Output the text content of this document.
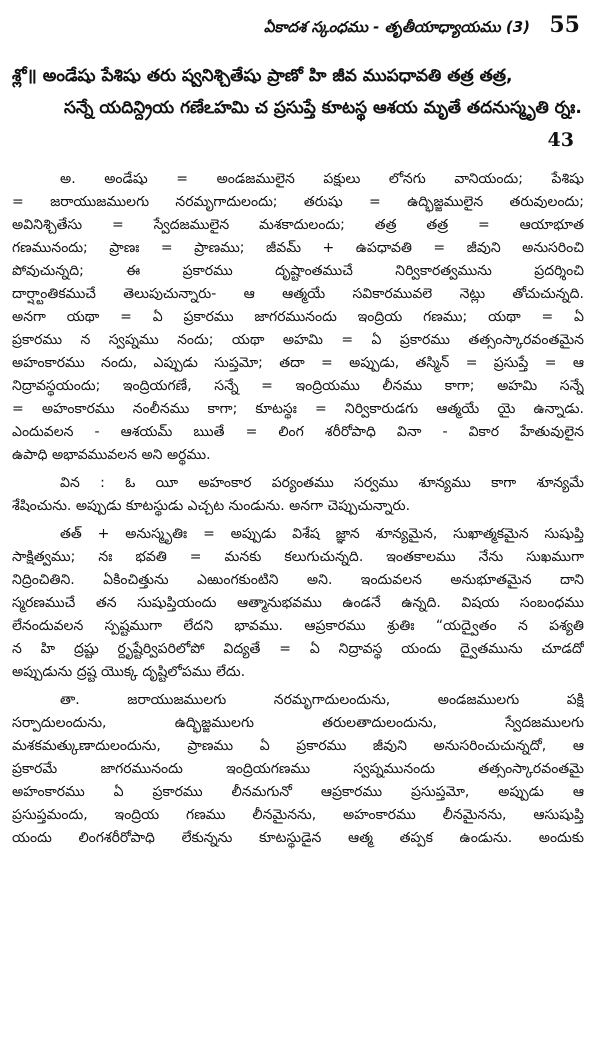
ఏకాదశ స్కంధము - తృతీయాధ్యాయము (3) 55
శ్లో॥ అండేషు పేశిషు తరు ష్వనిశ్చితేషు ప్రాణో హి జీవ ముపధావతి తత్ర తత్ర,
సన్నే యదిన్ద్రియ గణేఽహమి చ ప్రసుప్తే కూటస్థ ఆశయ మృతే తదనుస్మృతి ర్నః.
43
అ. అండేషు = అండజములైన పక్షులు లోనగు వానియందు; పేశిషు
= జరాయుజములగు నరమృగాదులందు; తరుషు = ఉద్భిజ్జములైన తరువులందు;
అవినిశ్చితేసు = స్వేదజములైన మశకాదులందు; తత్ర తత్ర = ఆయాభూత
గణమునందు; ప్రాణః = ప్రాణము; జీవమ్ + ఉపధావతి = జీవుని అనుసరించి
పోవుచున్నది; ఈ ప్రకారము దృష్టాంతముచే నిర్వికారత్వమును ప్రదర్శించి
దార్ష్టాంతికముచే తెలుపుచున్నారు- ఆ ఆత్మయే సవికారమువలె నెట్లు తోచుచున్నది.
అనగా యథా = ఏ ప్రకారము జాగరమునందు ఇంద్రియ గణము; యథా = ఏ
ప్రకారము న స్వప్నము నందు; యథా అహమి = ఏ ప్రకారము తత్సంస్కారవంతమైన
అహంకారము నందు, ఎప్పుడు సుప్తమో; తదా = అప్పుడు, తస్మిన్ = ప్రసుప్తే = ఆ
నిద్రావస్థయందు; ఇంద్రియగణే, సన్నే = ఇంద్రియము లీనము కాగా; అహమి సన్నే
= అహంకారము నంలీనము కాగా; కూటస్థః = నిర్వికారుడగు ఆత్మయే యై ఉన్నాడు.
ఎందువలన - ఆశయమ్ ఋతే = లింగ శరీరోపాధి వినా - వికార హేతువులైన
ఉపాధి అభావమువలన అని అర్థము.
విన : ఓ యీ అహంకార పర్యంతము సర్వము శూన్యము కాగా శూన్యమే
శేషించును. అప్పుడు కూటస్థుడు ఎచ్చట నుండును. అనగా చెప్పుచున్నారు.
తత్ + అనుస్మృతిః = అప్పుడు విశేష జ్ఞాన శూన్యమైన, సుఖాత్మకమైన సుషుప్తి
సాక్షిత్వము; నః భవతి = మనకు కలుగుచున్నది. ఇంతకాలము నేను సుఖముగా
నిద్రించితిని. ఏకించిత్తును ఎఱుంగకుంటిని అని. ఇందువలన అనుభూతమైన దాని
స్మరణముచే తన సుషుప్తియందు ఆత్మానుభవము ఉండనే ఉన్నది. విషయ సంబంధము
లేనందువలన స్పష్టముగా లేదని భావము. ఆప్రకారము శ్రుతిః “యద్వైతం న పశ్యతి
న హి ద్రష్టు ర్దృష్టేర్విపరిలోపో విద్యతే = ఏ నిద్రావస్థ యందు ద్వైతమును చూడదో
అప్పుడును ద్రష్ట యొక్క దృష్టిలోపము లేదు.
తా. జరాయుజములగు నరమృగాదులందును, అండజములగు పక్షి
సర్పాదులందును, ఉద్భిజ్జములగు తరులతాదులందును, స్వేదజములగు
మశకమత్కుణాదులందును, ప్రాణము ఏ ప్రకారము జీవుని అనుసరించుచున్నదో, ఆ
ప్రకారమే జాగరమునందు ఇంద్రియగణము స్వప్నమునందు తత్సంస్కారవంతమై
అహంకారము ఏ ప్రకారము లీనమగునో ఆప్రకారము ప్రసుప్తమో, అప్పుడు ఆ
ప్రసుప్తమందు, ఇంద్రియ గణము లీనమైనను, అహంకారము లీనమైనను, ఆసుషుప్తి
యందు లింగశరీరోపాధి లేకున్నను కూటస్థుడైన ఆత్మ తప్పక ఉండును. అందుకు
